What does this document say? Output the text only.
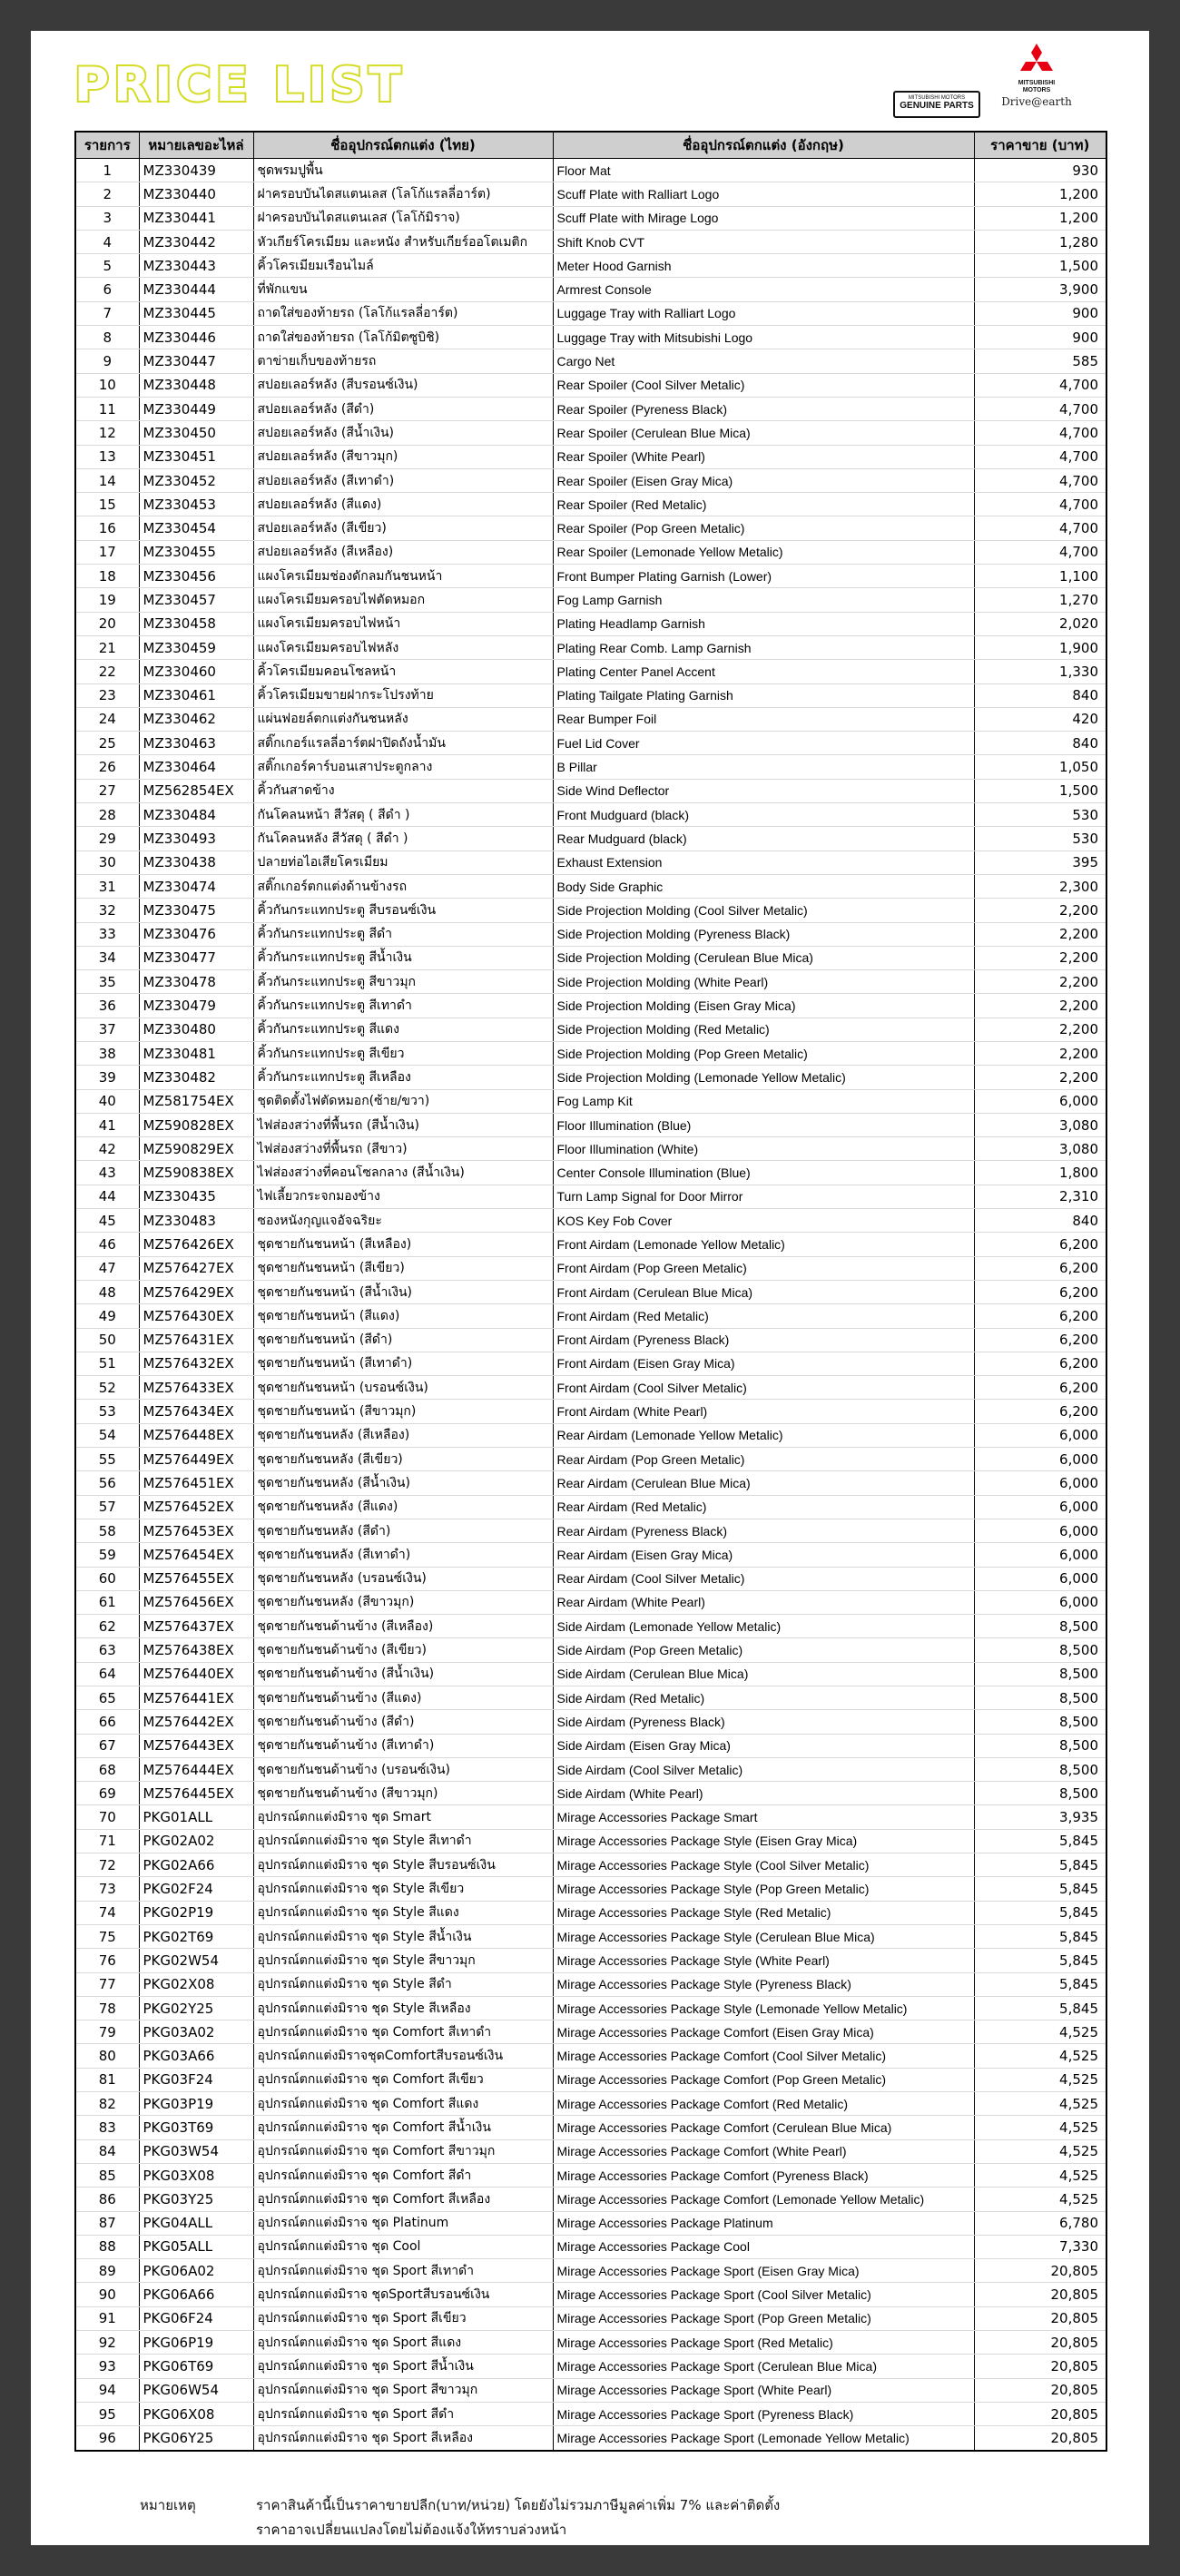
PRICE LIST	MITSUBISHI MOTORS
GENUINE PARTS
MITSUBISHI
MOTORS
Drive@earth
รายการ	หมายเลขอะไหล่	ชื่ออุปกรณ์ตกแต่ง (ไทย)	ชื่ออุปกรณ์ตกแต่ง (อังกฤษ)	ราคาขาย (บาท)
1	MZ330439	ชุดพรมปูพื้น	Floor Mat	930
2	MZ330440	ฝาครอบบันไดสแตนเลส (โลโก้แรลลี่อาร์ต)	Scuff Plate with Ralliart Logo	1,200
3	MZ330441	ฝาครอบบันไดสแตนเลส (โลโก้มิราจ)	Scuff Plate with Mirage Logo	1,200
4	MZ330442	หัวเกียร์โครเมียม และหนัง สำหรับเกียร์ออโตเมติก	Shift Knob CVT	1,280
5	MZ330443	คิ้วโครเมียมเรือนไมล์	Meter Hood Garnish	1,500
6	MZ330444	ที่พักแขน	Armrest Console	3,900
7	MZ330445	ถาดใส่ของท้ายรถ (โลโก้แรลลี่อาร์ต)	Luggage Tray with Ralliart Logo	900
8	MZ330446	ถาดใส่ของท้ายรถ (โลโก้มิตซูบิชิ)	Luggage Tray with Mitsubishi Logo	900
9	MZ330447	ตาข่ายเก็บของท้ายรถ	Cargo Net	585
10	MZ330448	สปอยเลอร์หลัง (สีบรอนซ์เงิน)	Rear Spoiler (Cool Silver Metalic)	4,700
11	MZ330449	สปอยเลอร์หลัง (สีดำ)	Rear Spoiler (Pyreness Black)	4,700
12	MZ330450	สปอยเลอร์หลัง (สีน้ำเงิน)	Rear Spoiler (Cerulean Blue Mica)	4,700
13	MZ330451	สปอยเลอร์หลัง (สีขาวมุก)	Rear Spoiler (White Pearl)	4,700
14	MZ330452	สปอยเลอร์หลัง (สีเทาดำ)	Rear Spoiler (Eisen Gray Mica)	4,700
15	MZ330453	สปอยเลอร์หลัง (สีแดง)	Rear Spoiler (Red Metalic)	4,700
16	MZ330454	สปอยเลอร์หลัง (สีเขียว)	Rear Spoiler (Pop Green Metalic)	4,700
17	MZ330455	สปอยเลอร์หลัง (สีเหลือง)	Rear Spoiler (Lemonade Yellow Metalic)	4,700
18	MZ330456	แผงโครเมียมช่องดักลมกันชนหน้า	Front Bumper Plating Garnish (Lower)	1,100
19	MZ330457	แผงโครเมียมครอบไฟตัดหมอก	Fog Lamp Garnish	1,270
20	MZ330458	แผงโครเมียมครอบไฟหน้า	Plating Headlamp Garnish	2,020
21	MZ330459	แผงโครเมียมครอบไฟหลัง	Plating Rear Comb. Lamp Garnish	1,900
22	MZ330460	คิ้วโครเมียมคอนโซลหน้า	Plating Center Panel Accent	1,330
23	MZ330461	คิ้วโครเมียมขายฝากระโปรงท้าย	Plating Tailgate Plating Garnish	840
24	MZ330462	แผ่นฟอยล์ตกแต่งกันชนหลัง	Rear Bumper Foil	420
25	MZ330463	สติ๊กเกอร์แรลลี่อาร์ตฝาปิดถังน้ำมัน	Fuel Lid Cover	840
26	MZ330464	สติ๊กเกอร์คาร์บอนเสาประตูกลาง	B Pillar	1,050
27	MZ562854EX	คิ้วกันสาดข้าง	Side Wind Deflector	1,500
28	MZ330484	กันโคลนหน้า สีวัสดุ ( สีดำ )	Front Mudguard (black)	530
29	MZ330493	กันโคลนหลัง สีวัสดุ ( สีดำ )	Rear Mudguard (black)	530
30	MZ330438	ปลายท่อไอเสียโครเมียม	Exhaust Extension	395
31	MZ330474	สติ๊กเกอร์ตกแต่งด้านข้างรถ	Body Side Graphic	2,300
32	MZ330475	คิ้วกันกระแทกประตู สีบรอนซ์เงิน	Side Projection Molding (Cool Silver Metalic)	2,200
33	MZ330476	คิ้วกันกระแทกประตู สีดำ	Side Projection Molding (Pyreness Black)	2,200
34	MZ330477	คิ้วกันกระแทกประตู สีน้ำเงิน	Side Projection Molding (Cerulean Blue Mica)	2,200
35	MZ330478	คิ้วกันกระแทกประตู สีขาวมุก	Side Projection Molding (White Pearl)	2,200
36	MZ330479	คิ้วกันกระแทกประตู สีเทาดำ	Side Projection Molding (Eisen Gray Mica)	2,200
37	MZ330480	คิ้วกันกระแทกประตู สีแดง	Side Projection Molding (Red Metalic)	2,200
38	MZ330481	คิ้วกันกระแทกประตู สีเขียว	Side Projection Molding (Pop Green Metalic)	2,200
39	MZ330482	คิ้วกันกระแทกประตู สีเหลือง	Side Projection Molding (Lemonade Yellow Metalic)	2,200
40	MZ581754EX	ชุดติดตั้งไฟตัดหมอก(ซ้าย/ขวา)	Fog Lamp Kit	6,000
41	MZ590828EX	ไฟส่องสว่างที่พื้นรถ (สีน้ำเงิน)	Floor Illumination (Blue)	3,080
42	MZ590829EX	ไฟส่องสว่างที่พื้นรถ (สีขาว)	Floor Illumination (White)	3,080
43	MZ590838EX	ไฟส่องสว่างที่คอนโซลกลาง (สีน้ำเงิน)	Center Console Illumination (Blue)	1,800
44	MZ330435	ไฟเลี้ยวกระจกมองข้าง	Turn Lamp Signal for Door Mirror	2,310
45	MZ330483	ซองหนังกุญแจอัจฉริยะ	KOS Key Fob Cover	840
46	MZ576426EX	ชุดชายกันชนหน้า (สีเหลือง)	Front Airdam (Lemonade Yellow Metalic)	6,200
47	MZ576427EX	ชุดชายกันชนหน้า (สีเขียว)	Front Airdam (Pop Green Metalic)	6,200
48	MZ576429EX	ชุดชายกันชนหน้า (สีน้ำเงิน)	Front Airdam (Cerulean Blue Mica)	6,200
49	MZ576430EX	ชุดชายกันชนหน้า (สีแดง)	Front Airdam (Red Metalic)	6,200
50	MZ576431EX	ชุดชายกันชนหน้า (สีดำ)	Front Airdam (Pyreness Black)	6,200
51	MZ576432EX	ชุดชายกันชนหน้า (สีเทาดำ)	Front Airdam (Eisen Gray Mica)	6,200
52	MZ576433EX	ชุดชายกันชนหน้า (บรอนซ์เงิน)	Front Airdam (Cool Silver Metalic)	6,200
53	MZ576434EX	ชุดชายกันชนหน้า (สีขาวมุก)	Front Airdam (White Pearl)	6,200
54	MZ576448EX	ชุดชายกันชนหลัง (สีเหลือง)	Rear Airdam (Lemonade Yellow Metalic)	6,000
55	MZ576449EX	ชุดชายกันชนหลัง (สีเขียว)	Rear Airdam (Pop Green Metalic)	6,000
56	MZ576451EX	ชุดชายกันชนหลัง (สีน้ำเงิน)	Rear Airdam (Cerulean Blue Mica)	6,000
57	MZ576452EX	ชุดชายกันชนหลัง (สีแดง)	Rear Airdam (Red Metalic)	6,000
58	MZ576453EX	ชุดชายกันชนหลัง (สีดำ)	Rear Airdam (Pyreness Black)	6,000
59	MZ576454EX	ชุดชายกันชนหลัง (สีเทาดำ)	Rear Airdam (Eisen Gray Mica)	6,000
60	MZ576455EX	ชุดชายกันชนหลัง (บรอนซ์เงิน)	Rear Airdam (Cool Silver Metalic)	6,000
61	MZ576456EX	ชุดชายกันชนหลัง (สีขาวมุก)	Rear Airdam (White Pearl)	6,000
62	MZ576437EX	ชุดชายกันชนด้านข้าง (สีเหลือง)	Side Airdam (Lemonade Yellow Metalic)	8,500
63	MZ576438EX	ชุดชายกันชนด้านข้าง (สีเขียว)	Side Airdam (Pop Green Metalic)	8,500
64	MZ576440EX	ชุดชายกันชนด้านข้าง (สีน้ำเงิน)	Side Airdam (Cerulean Blue Mica)	8,500
65	MZ576441EX	ชุดชายกันชนด้านข้าง (สีแดง)	Side Airdam (Red Metalic)	8,500
66	MZ576442EX	ชุดชายกันชนด้านข้าง (สีดำ)	Side Airdam (Pyreness Black)	8,500
67	MZ576443EX	ชุดชายกันชนด้านข้าง (สีเทาดำ)	Side Airdam (Eisen Gray Mica)	8,500
68	MZ576444EX	ชุดชายกันชนด้านข้าง (บรอนซ์เงิน)	Side Airdam (Cool Silver Metalic)	8,500
69	MZ576445EX	ชุดชายกันชนด้านข้าง (สีขาวมุก)	Side Airdam (White Pearl)	8,500
70	PKG01ALL	อุปกรณ์ตกแต่งมิราจ ชุด Smart	Mirage Accessories Package Smart	3,935
71	PKG02A02	อุปกรณ์ตกแต่งมิราจ ชุด Style สีเทาดำ	Mirage Accessories Package Style (Eisen Gray Mica)	5,845
72	PKG02A66	อุปกรณ์ตกแต่งมิราจ ชุด Style สีบรอนซ์เงิน	Mirage Accessories Package Style (Cool Silver Metalic)	5,845
73	PKG02F24	อุปกรณ์ตกแต่งมิราจ ชุด Style สีเขียว	Mirage Accessories Package Style (Pop Green Metalic)	5,845
74	PKG02P19	อุปกรณ์ตกแต่งมิราจ ชุด Style สีแดง	Mirage Accessories Package Style (Red Metalic)	5,845
75	PKG02T69	อุปกรณ์ตกแต่งมิราจ ชุด Style สีน้ำเงิน	Mirage Accessories Package Style (Cerulean Blue Mica)	5,845
76	PKG02W54	อุปกรณ์ตกแต่งมิราจ ชุด Style สีขาวมุก	Mirage Accessories Package Style (White Pearl)	5,845
77	PKG02X08	อุปกรณ์ตกแต่งมิราจ ชุด Style สีดำ	Mirage Accessories Package Style (Pyreness Black)	5,845
78	PKG02Y25	อุปกรณ์ตกแต่งมิราจ ชุด Style สีเหลือง	Mirage Accessories Package Style (Lemonade Yellow Metalic)	5,845
79	PKG03A02	อุปกรณ์ตกแต่งมิราจ ชุด Comfort สีเทาดำ	Mirage Accessories Package Comfort (Eisen Gray Mica)	4,525
80	PKG03A66	อุปกรณ์ตกแต่งมิราจชุดComfortสีบรอนซ์เงิน	Mirage Accessories Package Comfort (Cool Silver Metalic)	4,525
81	PKG03F24	อุปกรณ์ตกแต่งมิราจ ชุด Comfort สีเขียว	Mirage Accessories Package Comfort (Pop Green Metalic)	4,525
82	PKG03P19	อุปกรณ์ตกแต่งมิราจ ชุด Comfort สีแดง	Mirage Accessories Package Comfort (Red Metalic)	4,525
83	PKG03T69	อุปกรณ์ตกแต่งมิราจ ชุด Comfort สีน้ำเงิน	Mirage Accessories Package Comfort (Cerulean Blue Mica)	4,525
84	PKG03W54	อุปกรณ์ตกแต่งมิราจ ชุด Comfort สีขาวมุก	Mirage Accessories Package Comfort (White Pearl)	4,525
85	PKG03X08	อุปกรณ์ตกแต่งมิราจ ชุด Comfort สีดำ	Mirage Accessories Package Comfort (Pyreness Black)	4,525
86	PKG03Y25	อุปกรณ์ตกแต่งมิราจ ชุด Comfort สีเหลือง	Mirage Accessories Package Comfort (Lemonade Yellow Metalic)	4,525
87	PKG04ALL	อุปกรณ์ตกแต่งมิราจ ชุด Platinum	Mirage Accessories Package Platinum	6,780
88	PKG05ALL	อุปกรณ์ตกแต่งมิราจ ชุด Cool	Mirage Accessories Package Cool	7,330
89	PKG06A02	อุปกรณ์ตกแต่งมิราจ ชุด Sport สีเทาดำ	Mirage Accessories Package Sport (Eisen Gray Mica)	20,805
90	PKG06A66	อุปกรณ์ตกแต่งมิราจ ชุดSportสีบรอนซ์เงิน	Mirage Accessories Package Sport (Cool Silver Metalic)	20,805
91	PKG06F24	อุปกรณ์ตกแต่งมิราจ ชุด Sport สีเขียว	Mirage Accessories Package Sport (Pop Green Metalic)	20,805
92	PKG06P19	อุปกรณ์ตกแต่งมิราจ ชุด Sport สีแดง	Mirage Accessories Package Sport (Red Metalic)	20,805
93	PKG06T69	อุปกรณ์ตกแต่งมิราจ ชุด Sport สีน้ำเงิน	Mirage Accessories Package Sport (Cerulean Blue Mica)	20,805
94	PKG06W54	อุปกรณ์ตกแต่งมิราจ ชุด Sport สีขาวมุก	Mirage Accessories Package Sport (White Pearl)	20,805
95	PKG06X08	อุปกรณ์ตกแต่งมิราจ ชุด Sport สีดำ	Mirage Accessories Package Sport (Pyreness Black)	20,805
96	PKG06Y25	อุปกรณ์ตกแต่งมิราจ ชุด Sport สีเหลือง	Mirage Accessories Package Sport (Lemonade Yellow Metalic)	20,805
หมายเหตุ	ราคาสินค้านี้เป็นราคาขายปลีก(บาท/หน่วย) โดยยังไม่รวมภาษีมูลค่าเพิ่ม 7% และค่าติดตั้ง
ราคาอาจเปลี่ยนแปลงโดยไม่ต้องแจ้งให้ทราบล่วงหน้า
